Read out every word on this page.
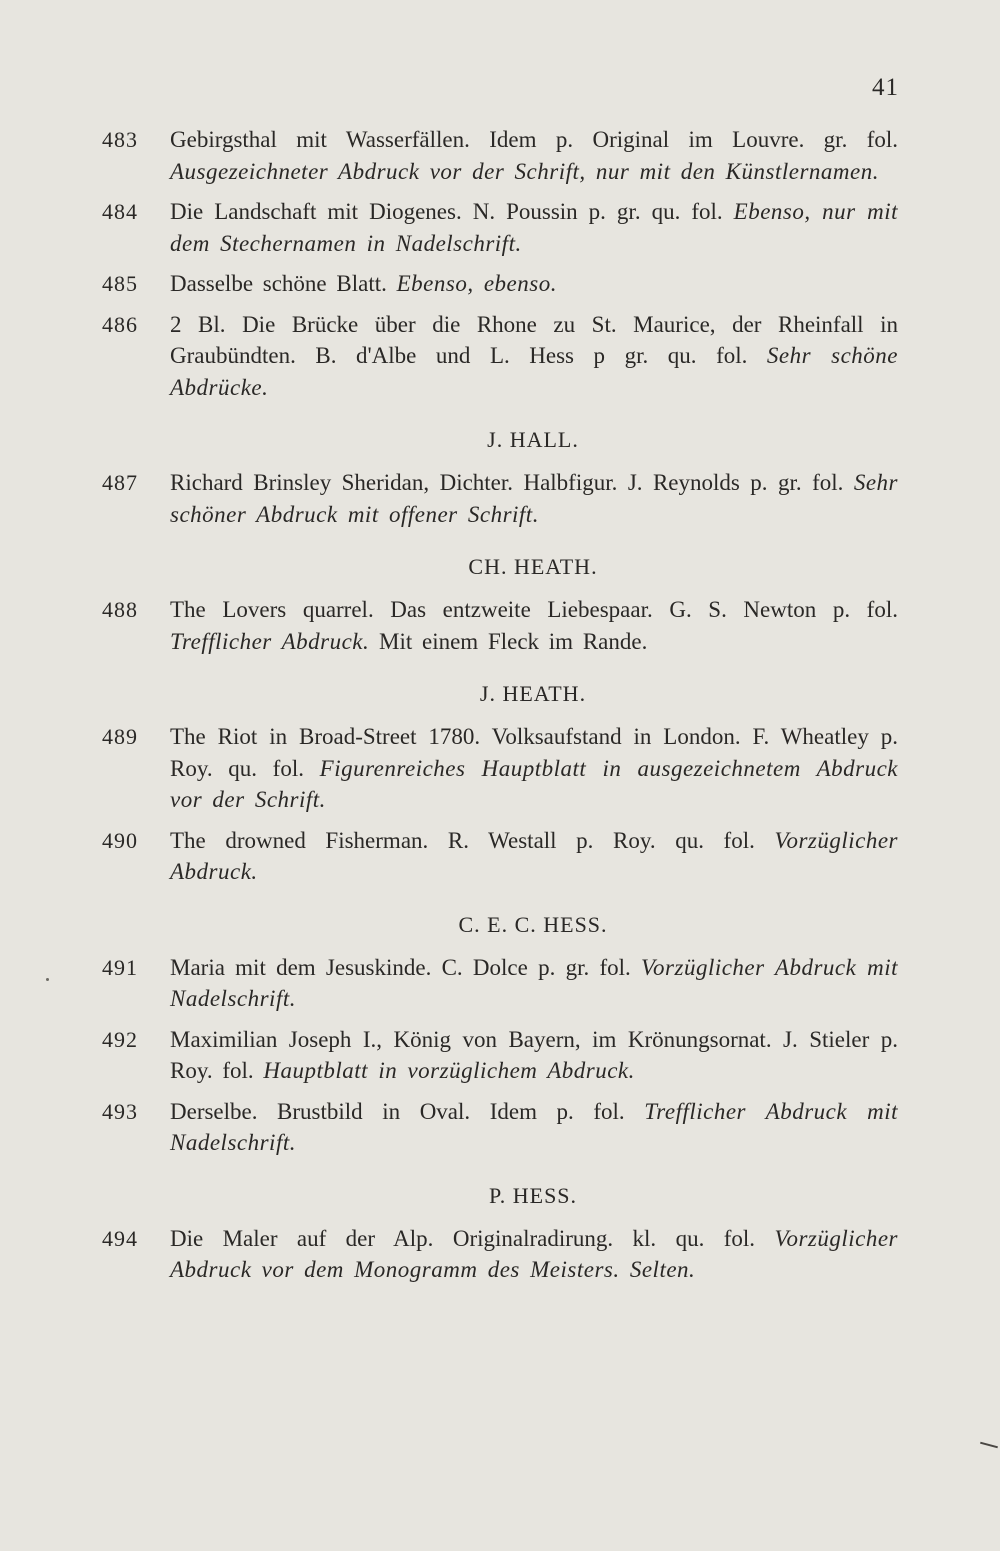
41
483	Gebirgsthal mit Wasserfällen. Idem p. Original im Louvre. gr. fol. Ausgezeichneter Abdruck vor der Schrift, nur mit den Künstlernamen.
484	Die Landschaft mit Diogenes. N. Poussin p. gr. qu. fol. Ebenso, nur mit dem Stechernamen in Nadelschrift.
485	Dasselbe schöne Blatt. Ebenso, ebenso.
486	2 Bl. Die Brücke über die Rhone zu St. Maurice, der Rheinfall in Graubündten. B. d'Albe und L. Hess p gr. qu. fol. Sehr schöne Abdrücke.
J. HALL.
487	Richard Brinsley Sheridan, Dichter. Halbfigur. J. Reynolds p. gr. fol. Sehr schöner Abdruck mit offener Schrift.
CH. HEATH.
488	The Lovers quarrel. Das entzweite Liebespaar. G. S. Newton p. fol. Trefflicher Abdruck. Mit einem Fleck im Rande.
J. HEATH.
489	The Riot in Broad-Street 1780. Volksaufstand in London. F. Wheatley p. Roy. qu. fol. Figurenreiches Hauptblatt in ausgezeichnetem Abdruck vor der Schrift.
490	The drowned Fisherman. R. Westall p. Roy. qu. fol. Vorzüglicher Abdruck.
C. E. C. HESS.
491	Maria mit dem Jesuskinde. C. Dolce p. gr. fol. Vorzüglicher Abdruck mit Nadelschrift.
492	Maximilian Joseph I., König von Bayern, im Krönungsornat. J. Stieler p. Roy. fol. Hauptblatt in vorzüglichem Abdruck.
493	Derselbe. Brustbild in Oval. Idem p. fol. Trefflicher Abdruck mit Nadelschrift.
P. HESS.
494	Die Maler auf der Alp. Originalradirung. kl. qu. fol. Vorzüglicher Abdruck vor dem Monogramm des Meisters. Selten.
